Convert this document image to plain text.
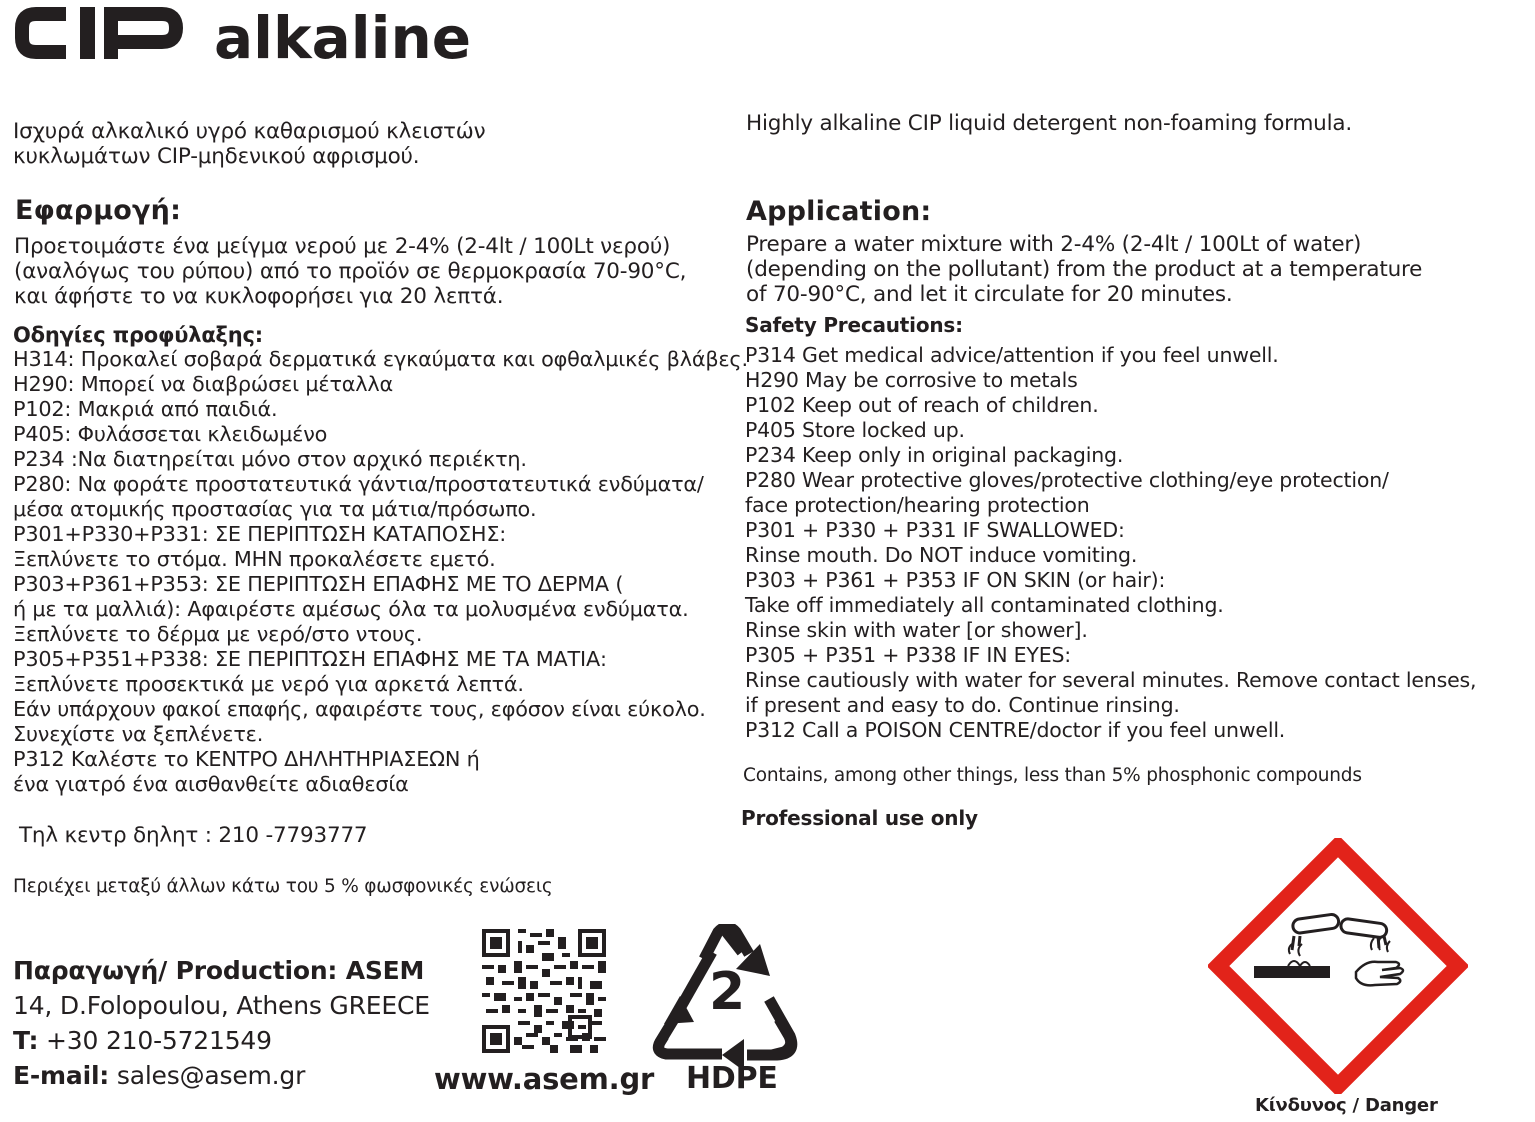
alkaline
Ισχυρά αλκαλικό υγρό καθαρισμού κλειστών
κυκλωμάτων CIP-μηδενικού αφρισμού.
Εφαρμογή:
Προετοιμάστε ένα μείγμα νερού με 2-4% (2-4lt / 100Lt νερού)
(αναλόγως του ρύπου) από το προϊόν σε θερμοκρασία 70-90°C,
και άφήστε το να κυκλοφορήσει για 20 λεπτά.
Οδηγίες προφύλαξης:
H314: Προκαλεί σοβαρά δερματικά εγκαύματα και οφθαλμικές βλάβες.
H290: Μπορεί να διαβρώσει μέταλλα
P102: Μακριά από παιδιά.
P405: Φυλάσσεται κλειδωμένο
P234 :Να διατηρείται μόνο στον αρχικό περιέκτη.
P280: Να φοράτε προστατευτικά γάντια/προστατευτικά ενδύματα/
μέσα ατομικής προστασίας για τα μάτια/πρόσωπο.
P301+P330+P331: ΣΕ ΠΕΡΙΠΤΩΣΗ ΚΑΤΑΠΟΣΗΣ:
Ξεπλύνετε το στόμα. ΜΗΝ προκαλέσετε εμετό.
P303+P361+P353: ΣΕ ΠΕΡΙΠΤΩΣΗ ΕΠΑΦΗΣ ΜΕ ΤΟ ΔΕΡΜΑ (
ή με τα μαλλιά): Αφαιρέστε αμέσως όλα τα μολυσμένα ενδύματα.
Ξεπλύνετε το δέρμα με νερό/στο ντους.
P305+P351+P338: ΣΕ ΠΕΡΙΠΤΩΣΗ ΕΠΑΦΗΣ ΜΕ ΤΑ ΜΑΤΙΑ:
Ξεπλύνετε προσεκτικά με νερό για αρκετά λεπτά.
Εάν υπάρχουν φακοί επαφής, αφαιρέστε τους, εφόσον είναι εύκολο.
Συνεχίστε να ξεπλένετε.
P312 Καλέστε το ΚΕΝΤΡΟ ΔΗΛΗΤΗΡΙΑΣΕΩΝ ή
ένα γιατρό ένα αισθανθείτε αδιαθεσία
Τηλ κεντρ δηλητ : 210 -7793777
Περιέχει μεταξύ άλλων κάτω του 5 % φωσφονικές ενώσεις
Highly alkaline CIP liquid detergent non-foaming formula.
Application:
Prepare a water mixture with 2-4% (2-4lt / 100Lt of water)
(depending on the pollutant) from the product at a temperature
of 70-90°C, and let it circulate for 20 minutes.
Safety Precautions:
P314 Get medical advice/attention if you feel unwell.
H290 May be corrosive to metals
P102 Keep out of reach of children.
P405 Store locked up.
P234 Keep only in original packaging.
P280 Wear protective gloves/protective clothing/eye protection/
face protection/hearing protection
P301 + P330 + P331 IF SWALLOWED:
Rinse mouth. Do NOT induce vomiting.
P303 + P361 + P353 IF ON SKIN (or hair):
Take off immediately all contaminated clothing.
Rinse skin with water [or shower].
P305 + P351 + P338 IF IN EYES:
Rinse cautiously with water for several minutes. Remove contact lenses,
if present and easy to do. Continue rinsing.
P312 Call a POISON CENTRE/doctor if you feel unwell.
Contains, among other things, less than 5% phosphonic compounds
Professional use only
Παραγωγή/ Production: ASEM
14, D.Folopoulou, Athens GREECE
T: +30 210-5721549
E-mail: sales@asem.gr	www.asem.gr
2
HDPE
Κίνδυνος / Danger
